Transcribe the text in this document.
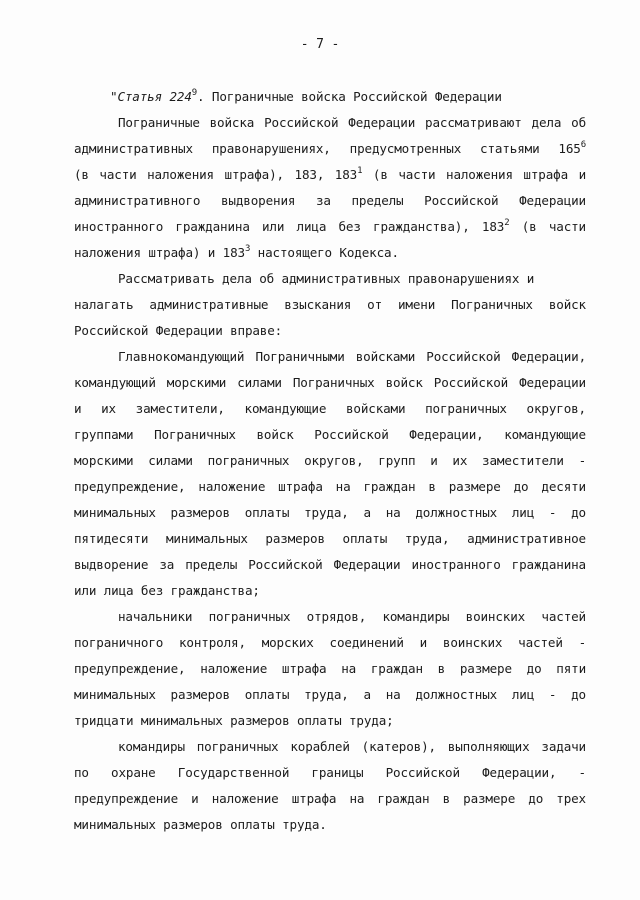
- 7 -
"Статья $224^9$. Пограничные войска Российской Федерации
Пограничные войска Российской Федерации рассматривают дела об
административных правонарушениях, предусмотренных статьями $165^6$
(в части наложения штрафа), 183, $183^1$ (в части наложения штрафа и
административного выдворения за пределы Российской Федерации
иностранного гражданина или лица без гражданства), $183^2$ (в части
наложения штрафа) и $183^3$ настоящего Кодекса.
Рассматривать дела об административных правонарушениях и
налагать административные взыскания от имени Пограничных войск
Российской Федерации вправе:
Главнокомандующий Пограничными войсками Российской Федерации,
командующий морскими силами Пограничных войск Российской Федерации
и их заместители, командующие войсками пограничных округов,
группами Пограничных войск Российской Федерации, командующие
морскими силами пограничных округов, групп и их заместители -
предупреждение, наложение штрафа на граждан в размере до десяти
минимальных размеров оплаты труда, а на должностных лиц - до
пятидесяти минимальных размеров оплаты труда, административное
выдворение за пределы Российской Федерации иностранного гражданина
или лица без гражданства;
начальники пограничных отрядов, командиры воинских частей
пограничного контроля, морских соединений и воинских частей -
предупреждение, наложение штрафа на граждан в размере до пяти
минимальных размеров оплаты труда, а на должностных лиц - до
тридцати минимальных размеров оплаты труда;
командиры пограничных кораблей (катеров), выполняющих задачи
по охране Государственной границы Российской Федерации, -
предупреждение и наложение штрафа на граждан в размере до трех
минимальных размеров оплаты труда.
